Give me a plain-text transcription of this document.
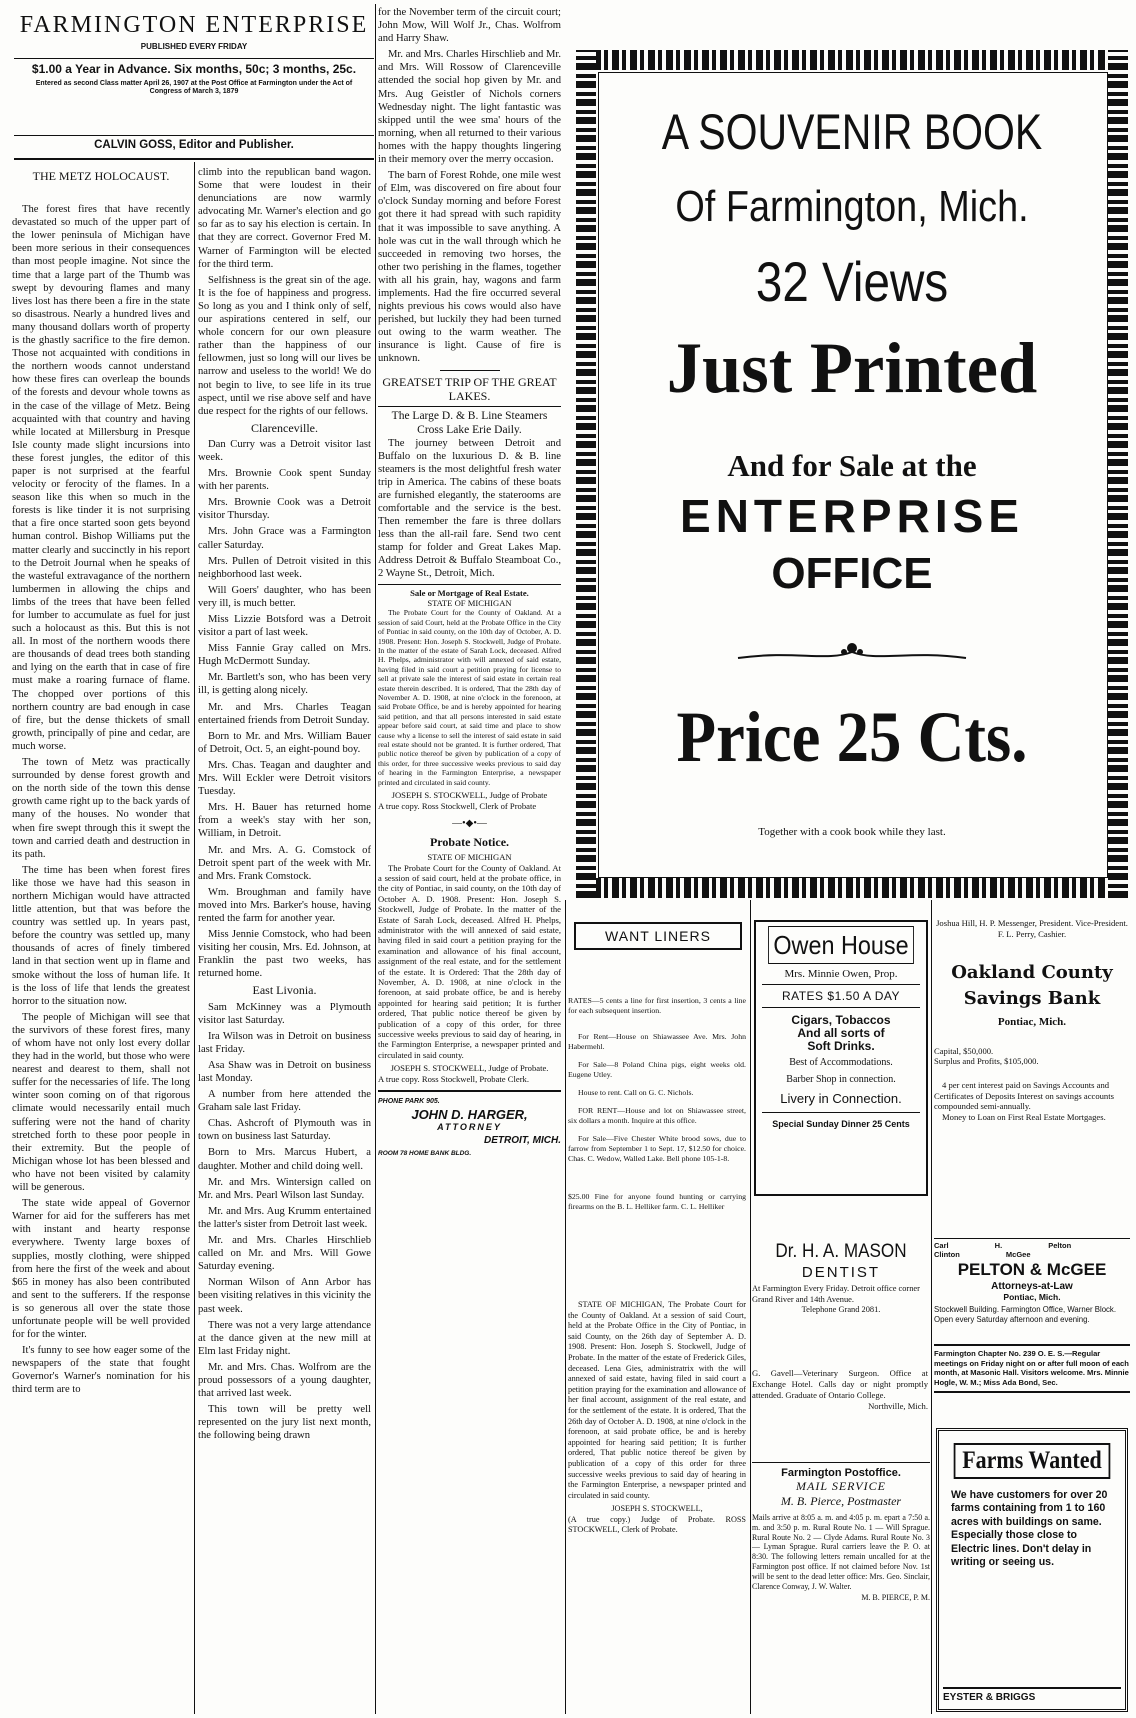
FARMINGTON ENTERPRISE
PUBLISHED EVERY FRIDAY
$1.00 a Year in Advance. Six months, 50c; 3 months, 25c.
Entered as second Class matter April 26, 1907 at the Post Office at Farmington under the Act of Congress of March 3, 1879
CALVIN GOSS, Editor and Publisher.
THE METZ HOLOCAUST.

The forest fires that have recently devastated so much of the upper part of the lower peninsula of Michigan have been more serious in their consequences than most people imagine. Not since the time that a large part of the Thumb was swept by devouring flames and many lives lost has there been a fire in the state so disastrous. Nearly a hundred lives and many thousand dollars worth of property is the ghastly sacrifice to the fire demon. Those not acquainted with conditions in the northern woods cannot understand how these fires can overleap the bounds of the forests and devour whole towns as in the case of the village of Metz. Being acquainted with that country and having while located at Millersburg in Presque Isle county made slight incursions into these forest jungles, the editor of this paper is not surprised at the fearful velocity or ferocity of the flames. In a season like this when so much in the forests is like tinder it is not surprising that a fire once started soon gets beyond human control. Bishop Williams put the matter clearly and succinctly in his report to the Detroit Journal when he speaks of the wasteful extravagance of the northern lumbermen in allowing the chips and limbs of the trees that have been felled for lumber to accumulate as fuel for just such a holocaust as this. But this is not all. In most of the northern woods there are thousands of dead trees both standing and lying on the earth that in case of fire must make a roaring furnace of flame. The chopped over portions of this northern country are bad enough in case of fire, but the dense thickets of small growth, principally of pine and cedar, are much worse.

The town of Metz was practically surrounded by dense forest growth and on the north side of the town this dense growth came right up to the back yards of many of the houses. No wonder that when fire swept through this it swept the town and carried death and destruction in its path.

The time has been when forest fires like those we have had this season in northern Michigan would have attracted little attention, but that was before the country was settled up. In years past, before the country was settled up, many thousands of acres of finely timbered land in that section went up in flame and smoke without the loss of human life. It is the loss of life that lends the greatest horror to the situation now.

The people of Michigan will see that the survivors of these forest fires, many of whom have not only lost every dollar they had in the world, but those who were nearest and dearest to them, shall not suffer for the necessaries of life. The long winter soon coming on of that rigorous climate would necessarily entail much suffering were not the hand of charity stretched forth to these poor people in their extremity. But the people of Michigan whose lot has been blessed and who have not been visited by calamity will be generous.

The state wide appeal of Governor Warner for aid for the sufferers has met with instant and hearty response everywhere. Twenty large boxes of supplies, mostly clothing, were shipped from here the first of the week and about $65 in money has also been contributed and sent to the sufferers. If the response is so generous all over the state those unfortunate people will be well provided for for the winter.

It's funny to see how eager some of the newspapers of the state that fought Governor's Warner's nomination for his third term are to

climb into the republican band wagon. Some that were loudest in their denunciations are now warmly advocating Mr. Warner's election and go so far as to say his election is certain. In that they are correct. Governor Fred M. Warner of Farmington will be elected for the third term.

Selfishness is the great sin of the age. It is the foe of happiness and progress. So long as you and I think only of self, our aspirations centered in self, our whole concern for our own pleasure rather than the happiness of our fellowmen, just so long will our lives be narrow and useless to the world! We do not begin to live, to see life in its true aspect, until we rise above self and have due respect for the rights of our fellows.

Clarenceville.

Dan Curry was a Detroit visitor last week.

Mrs. Brownie Cook spent Sunday with her parents.

Mrs. Brownie Cook was a Detroit visitor Thursday.

Mrs. John Grace was a Farmington caller Saturday.

Mrs. Pullen of Detroit visited in this neighborhood last week.

Will Goers' daughter, who has been very ill, is much better.

Miss Lizzie Botsford was a Detroit visitor a part of last week.

Miss Fannie Gray called on Mrs. Hugh McDermott Sunday.

Mr. Bartlett's son, who has been very ill, is getting along nicely.

Mr. and Mrs. Charles Teagan entertained friends from Detroit Sunday.

Born to Mr. and Mrs. William Bauer of Detroit, Oct. 5, an eight-pound boy.

Mrs. Chas. Teagan and daughter and Mrs. Will Eckler were Detroit visitors Tuesday.

Mrs. H. Bauer has returned home from a week's stay with her son, William, in Detroit.

Mr. and Mrs. A. G. Comstock of Detroit spent part of the week with Mr. and Mrs. Frank Comstock.

Wm. Broughman and family have moved into Mrs. Barker's house, having rented the farm for another year.

Miss Jennie Comstock, who had been visiting her cousin, Mrs. Ed. Johnson, at Franklin the past two weeks, has returned home.

East Livonia.

Sam McKinney was a Plymouth visitor last Saturday.

Ira Wilson was in Detroit on business last Friday.

Asa Shaw was in Detroit on business last Monday.

A number from here attended the Graham sale last Friday.

Chas. Ashcroft of Plymouth was in town on business last Saturday.

Born to Mrs. Marcus Hubert, a daughter. Mother and child doing well.

Mr. and Mrs. Wintersign called on Mr. and Mrs. Pearl Wilson last Sunday.

Mr. and Mrs. Aug Krumm entertained the latter's sister from Detroit last week.

Mr. and Mrs. Charles Hirschlieb called on Mr. and Mrs. Will Gowe Saturday evening.

Norman Wilson of Ann Arbor has been visiting relatives in this vicinity the past week.

There was not a very large attendance at the dance given at the new mill at Elm last Friday night.

Mr. and Mrs. Chas. Wolfrom are the proud possessors of a young daughter, that arrived last week.

This town will be pretty well represented on the jury list next month, the following being drawn

for the November term of the circuit court; John Mow, Will Wolf Jr., Chas. Wolfrom and Harry Shaw.

Mr. and Mrs. Charles Hirschlieb and Mr. and Mrs. Will Rossow of Clarenceville attended the social hop given by Mr. and Mrs. Aug Geistler of Nichols corners Wednesday night. The light fantastic was skipped until the wee sma' hours of the morning, when all returned to their various homes with the happy thoughts lingering in their memory over the merry occasion.

The barn of Forest Rohde, one mile west of Elm, was discovered on fire about four o'clock Sunday morning and before Forest got there it had spread with such rapidity that it was impossible to save anything. A hole was cut in the wall through which he succeeded in removing two horses, the other two perishing in the flames, together with all his grain, hay, wagons and farm implements. Had the fire occurred several nights previous his cows would also have perished, but luckily they had been turned out owing to the warm weather. The insurance is light. Cause of fire is unknown.

GREATSET TRIP OF THE GREAT LAKES.
The Large D. & B. Line Steamers Cross Lake Erie Daily.

The journey between Detroit and Buffalo on the luxurious D. & B. line steamers is the most delightful fresh water trip in America. The cabins of these boats are furnished elegantly, the staterooms are comfortable and the service is the best. Then remember the fare is three dollars less than the all-rail fare. Send two cent stamp for folder and Great Lakes Map. Address Detroit & Buffalo Steamboat Co., 2 Wayne St., Detroit, Mich.

Sale or Mortgage of Real Estate.
STATE OF MICHIGAN

The Probate Court for the County of Oakland. At a session of said Court, held at the Probate Office in the City of Pontiac in said county, on the 10th day of October, A. D. 1908. Present: Hon. Joseph S. Stockwell, Judge of Probate. In the matter of the estate of Sarah Lock, deceased. Alfred H. Phelps, administrator with will annexed of said estate, having filed in said court a petition praying for license to sell at private sale the interest of said estate in certain real estate therein described. It is ordered, That the 28th day of November A. D. 1908, at nine o'clock in the forenoon, at said Probate Office, be and is hereby appointed for hearing said petition, and that all persons interested in said estate appear before said court, at said time and place to show cause why a license to sell the interest of said estate in said real estate should not be granted. It is further ordered, That public notice thereof be given by publication of a copy of this order, for three successive weeks previous to said day of hearing in the Farmington Enterprise, a newspaper printed and circulated in said county.

JOSEPH S. STOCKWELL, Judge of Probate
A true copy. Ross Stockwell, Clerk of Probate
—•◆•—
Probate Notice.
STATE OF MICHIGAN

The Probate Court for the County of Oakland. At a session of said court, held at the probate office, in the city of Pontiac, in said county, on the 10th day of October A. D. 1908. Present: Hon. Joseph S. Stockwell, Judge of Probate. In the matter of the Estate of Sarah Lock, deceased. Alfred H. Phelps, administrator with the will annexed of said estate, having filed in said court a petition praying for the examination and allowance of his final account, assignment of the real estate, and for the settlement of the estate. It is Ordered: That the 28th day of November, A. D. 1908, at nine o'clock in the forenoon, at said probate office, be and is hereby appointed for hearing said petition; It is further ordered, That public notice thereof be given by publication of a copy of this order, for three successive weeks previous to said day of hearing, in the Farmington Enterprise, a newspaper printed and circulated in said county.

JOSEPH S. STOCKWELL, Judge of Probate.
A true copy. Ross Stockwell, Probate Clerk.
PHONE PARK 905.
JOHN D. HARGER,
ATTORNEY
DETROIT, MICH.
ROOM 78 HOME BANK BLDG.
A SOUVENIR BOOK
Of Farmington, Mich.
32 Views
Just Printed
And for Sale at the
ENTERPRISE
OFFICE
Price 25 Cts.
Together with a cook book while they last.
WANT LINERS

RATES—5 cents a line for first insertion, 3 cents a line for each subsequent insertion.

For Rent—House on Shiawassee Ave. Mrs. John Habermehl.

For Sale—8 Poland China pigs, eight weeks old. Eugene Utley.

House to rent. Call on G. C. Nichols.

FOR RENT—House and lot on Shiawassee street, six dollars a month. Inquire at this office.

For Sale—Five Chester White brood sows, due to farrow from September 1 to Sept. 17, $12.50 for choice. Chas. C. Wedow, Walled Lake. Bell phone 105-1-8.

$25.00 Fine for anyone found hunting or carrying firearms on the B. L. Helliker farm. C. L. Helliker

STATE OF MICHIGAN, The Probate Court for the County of Oakland. At a session of said Court, held at the Probate Office in the City of Pontiac, in said County, on the 26th day of September A. D. 1908. Present: Hon. Joseph S. Stockwell, Judge of Probate. In the matter of the estate of Frederick Giles, deceased. Lena Gies, administratrix with the will annexed of said estate, having filed in said court a petition praying for the examination and allowance of her final account, assignment of the real estate, and for the settlement of the estate. It is ordered, That the 26th day of October A. D. 1908, at nine o'clock in the forenoon, at said probate office, be and is hereby appointed for hearing said petition; It is further ordered, That public notice thereof be given by publication of a copy of this order for three successive weeks previous to said day of hearing in the Farmington Enterprise, a newspaper printed and circulated in said county.

JOSEPH S. STOCKWELL,
(A true copy.) Judge of Probate. ROSS STOCKWELL, Clerk of Probate.
Owen House
Mrs. Minnie Owen, Prop.
RATES $1.50 A DAY
Cigars, Tobaccos And all sorts of Soft Drinks.
Best of Accommodations.
Barber Shop in connection.
Livery in Connection.
Special Sunday Dinner 25 Cents
Dr. H. A. MASON
DENTIST
At Farmington Every Friday. Detroit office corner Grand River and 14th Avenue.
Telephone Grand 2081.
G. Gavell—Veterinary Surgeon. Office at Exchange Hotel. Calls day or night promptly attended. Graduate of Ontario College.
Northville, Mich.
Farmington Postoffice.
MAIL SERVICE
M. B. Pierce, Postmaster
Mails arrive at 8:05 a. m. and 4:05 p. m. epart a 7:50 a. m. and 3:50 p. m. Rural Route No. 1 — Will Sprague. Rural Route No. 2 — Clyde Adams. Rural Route No. 3 — Lyman Sprague. Rural carriers leave the P. O. at 8:30. The following letters remain uncalled for at the Farmington post office. If not claimed before Nov. 1st will be sent to the dead letter office: Mrs. Geo. Sinclair, Clarence Conway, J. W. Walter.
M. B. PIERCE, P. M.
Joshua Hill, H. P. Messenger, President. Vice-President. F. L. Perry, Cashier.
Oakland County
Savings Bank
Pontiac, Mich.
Capital, $50,000.
Surplus and Profits, $105,000.
4 per cent interest paid on Savings Accounts and Certificates of Deposits Interest on savings accounts compounded semi-annually.
Money to Loan on First Real Estate Mortgages.
Carl H. Pelton Clinton McGee
PELTON & McGEE
Attorneys-at-Law
Pontiac, Mich.
Stockwell Building. Farmington Office, Warner Block. Open every Saturday afternoon and evening.
Farmington Chapter No. 239 O. E. S.—Regular meetings on Friday night on or after full moon of each month, at Masonic Hall. Visitors welcome. Mrs. Minnie Hogle, W. M.; Miss Ada Bond, Sec.
Farms Wanted
We have customers for over 20 farms containing from 1 to 160 acres with buildings on same. Especially those close to Electric lines. Don't delay in writing or seeing us.
EYSTER & BRIGGS
